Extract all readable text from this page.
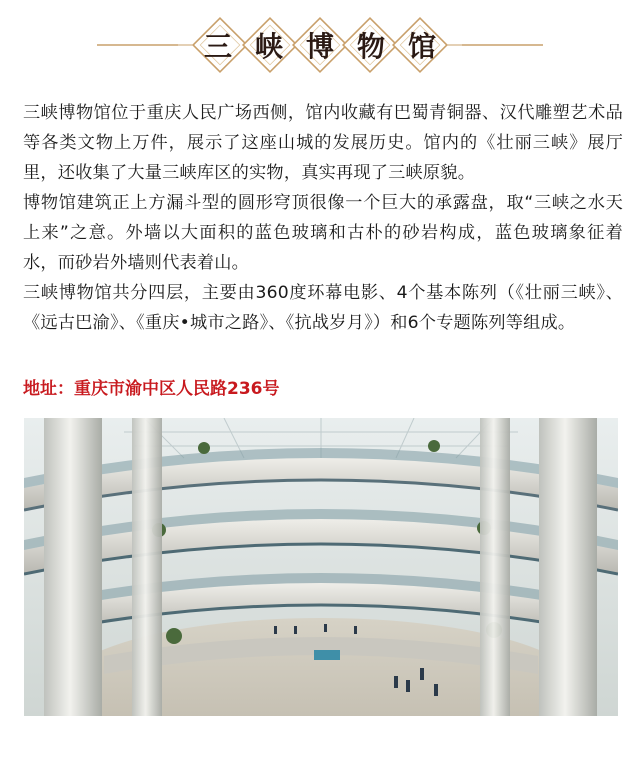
三 峡 博 物 馆

三峡博物馆位于重庆人民广场西侧，馆内收藏有巴蜀青铜器、汉代雕塑艺术品等各类文物上万件，展示了这座山城的发展历史。馆内的《壮丽三峡》展厅里，还收集了大量三峡库区的实物，真实再现了三峡原貌。

博物馆建筑正上方漏斗型的圆形穹顶很像一个巨大的承露盘，取“三峡之水天上来”之意。外墙以大面积的蓝色玻璃和古朴的砂岩构成，蓝色玻璃象征着水，而砂岩外墙则代表着山。

三峡博物馆共分四层，主要由360度环幕电影、4个基本陈列（《壮丽三峡》、《远古巴渝》、《重庆•城市之路》、《抗战岁月》）和6个专题陈列等组成。

地址：重庆市渝中区人民路236号
